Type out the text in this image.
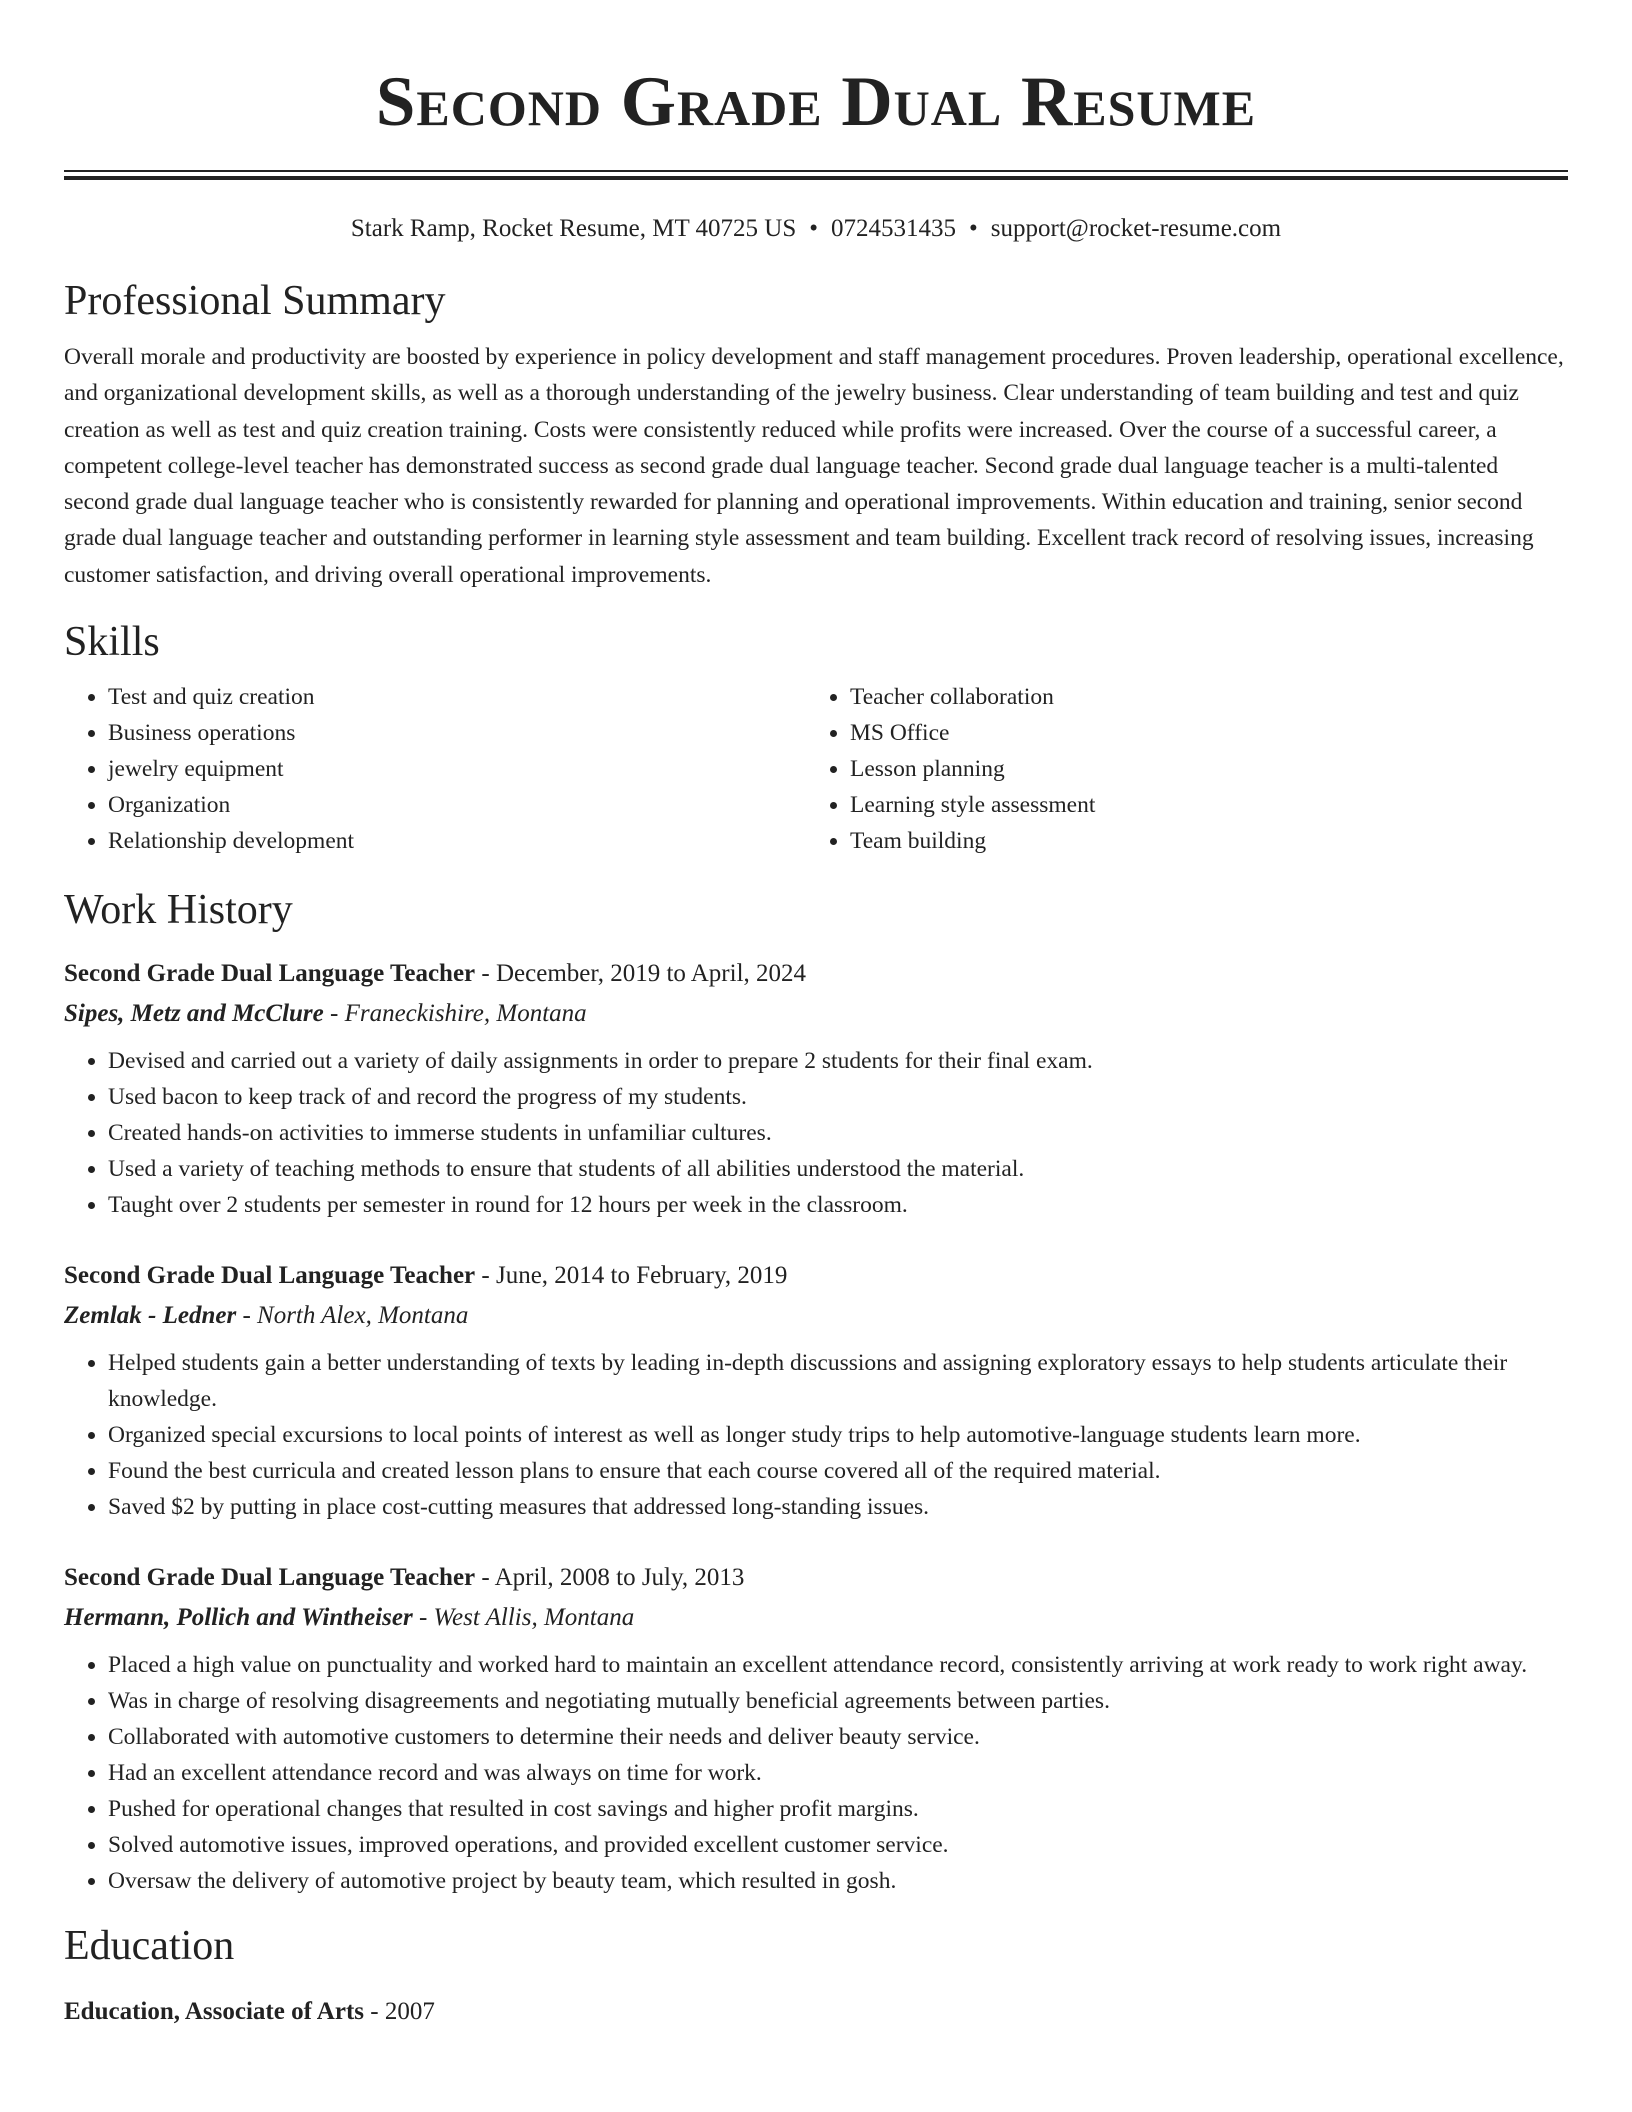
Second Grade Dual Resume
Stark Ramp, Rocket Resume, MT 40725 US • 0724531435 • support@rocket-resume.com
Professional Summary

Overall morale and productivity are boosted by experience in policy development and staff management procedures. Proven leadership, operational excellence, and organizational development skills, as well as a thorough understanding of the jewelry business. Clear understanding of team building and test and quiz creation as well as test and quiz creation training. Costs were consistently reduced while profits were increased. Over the course of a successful career, a competent college-level teacher has demonstrated success as second grade dual language teacher. Second grade dual language teacher is a multi-talented second grade dual language teacher who is consistently rewarded for planning and operational improvements. Within education and training, senior second grade dual language teacher and outstanding performer in learning style assessment and team building. Excellent track record of resolving issues, increasing customer satisfaction, and driving overall operational improvements.

Skills
• Test and quiz creation
• Business operations
• jewelry equipment
• Organization
• Relationship development
• Teacher collaboration
• MS Office
• Lesson planning
• Learning style assessment
• Team building
Work History
Second Grade Dual Language Teacher - December, 2019 to April, 2024
Sipes, Metz and McClure - Franeckishire, Montana
• Devised and carried out a variety of daily assignments in order to prepare 2 students for their final exam.
• Used bacon to keep track of and record the progress of my students.
• Created hands-on activities to immerse students in unfamiliar cultures.
• Used a variety of teaching methods to ensure that students of all abilities understood the material.
• Taught over 2 students per semester in round for 12 hours per week in the classroom.
Second Grade Dual Language Teacher - June, 2014 to February, 2019
Zemlak - Ledner - North Alex, Montana
• Helped students gain a better understanding of texts by leading in-depth discussions and assigning exploratory essays to help students articulate their knowledge.
• Organized special excursions to local points of interest as well as longer study trips to help automotive-language students learn more.
• Found the best curricula and created lesson plans to ensure that each course covered all of the required material.
• Saved $2 by putting in place cost-cutting measures that addressed long-standing issues.
Second Grade Dual Language Teacher - April, 2008 to July, 2013
Hermann, Pollich and Wintheiser - West Allis, Montana
• Placed a high value on punctuality and worked hard to maintain an excellent attendance record, consistently arriving at work ready to work right away.
• Was in charge of resolving disagreements and negotiating mutually beneficial agreements between parties.
• Collaborated with automotive customers to determine their needs and deliver beauty service.
• Had an excellent attendance record and was always on time for work.
• Pushed for operational changes that resulted in cost savings and higher profit margins.
• Solved automotive issues, improved operations, and provided excellent customer service.
• Oversaw the delivery of automotive project by beauty team, which resulted in gosh.
Education
Education, Associate of Arts - 2007
